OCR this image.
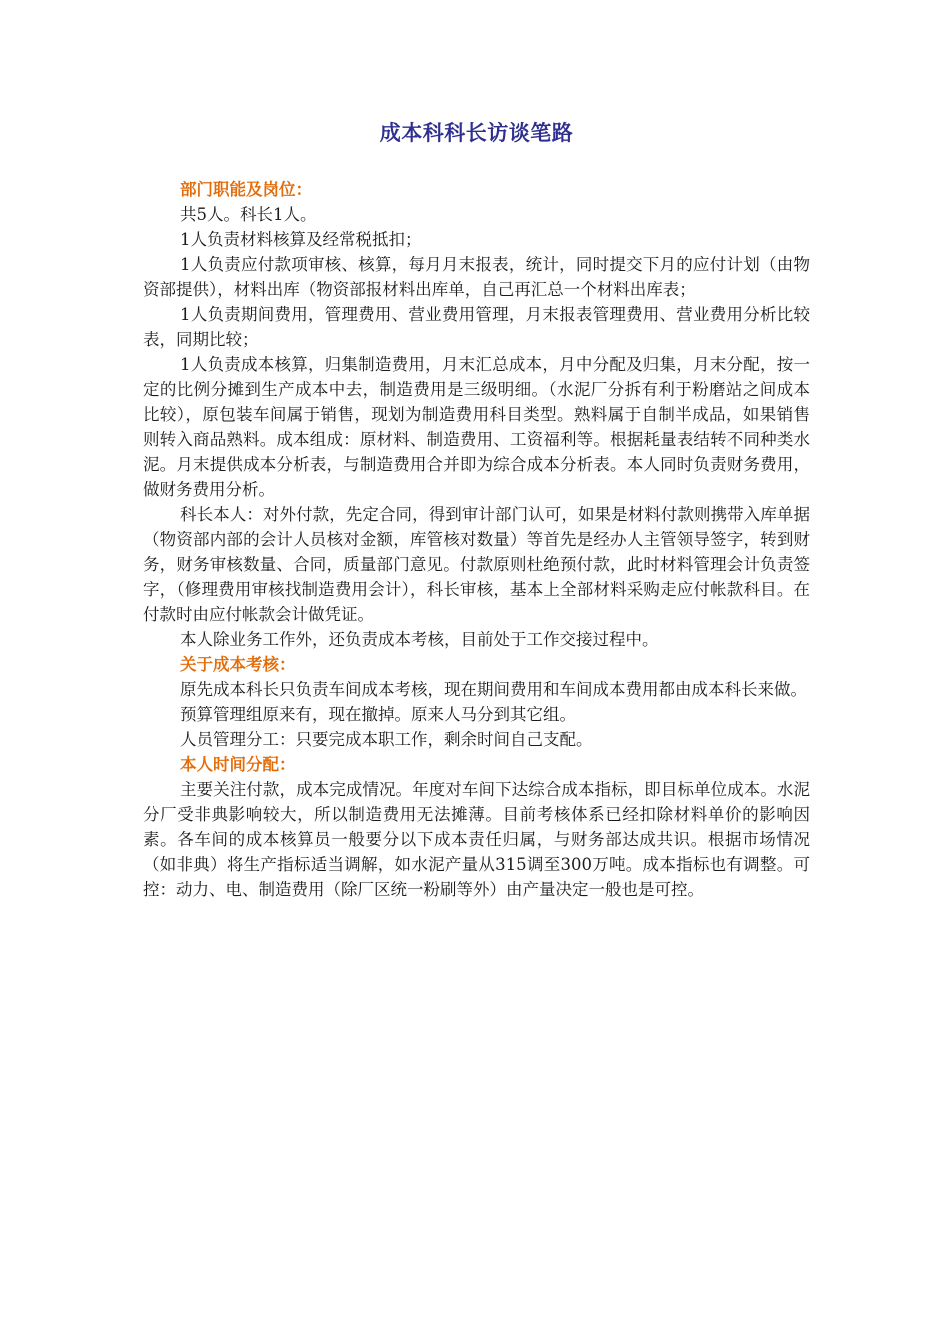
成本科科长访谈笔路

部门职能及岗位：

共5人。科长1人。

1人负责材料核算及经常税抵扣；

1人负责应付款项审核、核算，每月月末报表，统计，同时提交下月的应付计划（由物资部提供），材料出库（物资部报材料出库单，自己再汇总一个材料出库表；

1人负责期间费用，管理费用、营业费用管理，月末报表管理费用、营业费用分析比较表，同期比较；

1人负责成本核算，归集制造费用，月末汇总成本，月中分配及归集，月末分配，按一定的比例分摊到生产成本中去，制造费用是三级明细。（水泥厂分拆有利于粉磨站之间成本比较），原包装车间属于销售，现划为制造费用科目类型。熟料属于自制半成品，如果销售则转入商品熟料。成本组成：原材料、制造费用、工资福利等。根据耗量表结转不同种类水泥。月末提供成本分析表，与制造费用合并即为综合成本分析表。本人同时负责财务费用，做财务费用分析。

科长本人：对外付款，先定合同，得到审计部门认可，如果是材料付款则携带入库单据（物资部内部的会计人员核对金额，库管核对数量）等首先是经办人主管领导签字，转到财务，财务审核数量、合同，质量部门意见。付款原则杜绝预付款，此时材料管理会计负责签字，（修理费用审核找制造费用会计），科长审核，基本上全部材料采购走应付帐款科目。在付款时由应付帐款会计做凭证。

本人除业务工作外，还负责成本考核，目前处于工作交接过程中。

关于成本考核：

原先成本科长只负责车间成本考核，现在期间费用和车间成本费用都由成本科长来做。

预算管理组原来有，现在撤掉。原来人马分到其它组。

人员管理分工：只要完成本职工作，剩余时间自己支配。

本人时间分配：

主要关注付款，成本完成情况。年度对车间下达综合成本指标，即目标单位成本。水泥分厂受非典影响较大，所以制造费用无法摊薄。目前考核体系已经扣除材料单价的影响因素。各车间的成本核算员一般要分以下成本责任归属，与财务部达成共识。根据市场情况（如非典）将生产指标适当调解，如水泥产量从315调至300万吨。成本指标也有调整。可控：动力、电、制造费用（除厂区统一粉刷等外）由产量决定一般也是可控。
